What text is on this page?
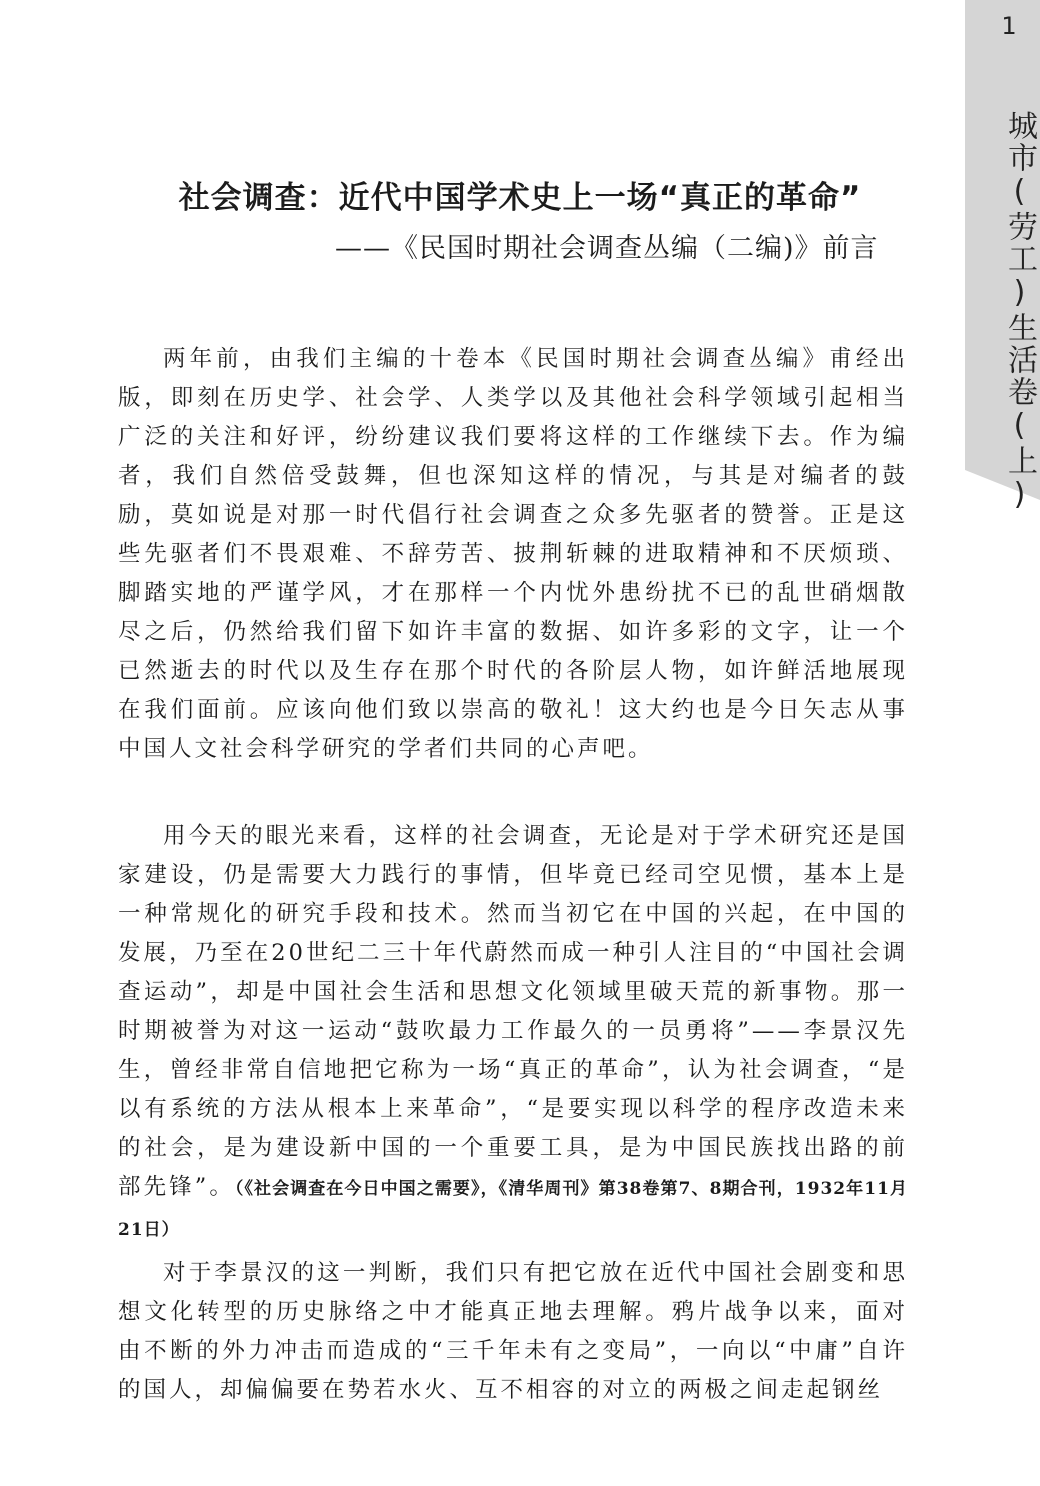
1
城市(劳工)生活卷(上)
社会调查：近代中国学术史上一场“真正的革命”
——《民国时期社会调查丛编（二编)》前言

两年前，由我们主编的十卷本《民国时期社会调查丛编》甫经出版，即刻在历史学、社会学、人类学以及其他社会科学领域引起相当广泛的关注和好评，纷纷建议我们要将这样的工作继续下去。作为编者，我们自然倍受鼓舞，但也深知这样的情况，与其是对编者的鼓励，莫如说是对那一时代倡行社会调查之众多先驱者的赞誉。正是这些先驱者们不畏艰难、不辞劳苦、披荆斩棘的进取精神和不厌烦琐、脚踏实地的严谨学风，才在那样一个内忧外患纷扰不已的乱世硝烟散尽之后，仍然给我们留下如许丰富的数据、如许多彩的文字，让一个已然逝去的时代以及生存在那个时代的各阶层人物，如许鲜活地展现在我们面前。应该向他们致以崇高的敬礼！这大约也是今日矢志从事中国人文社会科学研究的学者们共同的心声吧。

用今天的眼光来看，这样的社会调查，无论是对于学术研究还是国家建设，仍是需要大力践行的事情，但毕竟已经司空见惯，基本上是一种常规化的研究手段和技术。然而当初它在中国的兴起，在中国的发展，乃至在20世纪二三十年代蔚然而成一种引人注目的“中国社会调查运动”，却是中国社会生活和思想文化领域里破天荒的新事物。那一时期被誉为对这一运动“鼓吹最力工作最久的一员勇将”——李景汉先生，曾经非常自信地把它称为一场“真正的革命”，认为社会调查，“是以有系统的方法从根本上来革命”，“是要实现以科学的程序改造未来的社会，是为建设新中国的一个重要工具，是为中国民族找出路的前部先锋”。（《社会调查在今日中国之需要》，《清华周刊》第38卷第7、8期合刊，1932年11月21日）

对于李景汉的这一判断，我们只有把它放在近代中国社会剧变和思想文化转型的历史脉络之中才能真正地去理解。鸦片战争以来，面对由不断的外力冲击而造成的“三千年未有之变局”，一向以“中庸”自许的国人，却偏偏要在势若水火、互不相容的对立的两极之间走起钢丝
